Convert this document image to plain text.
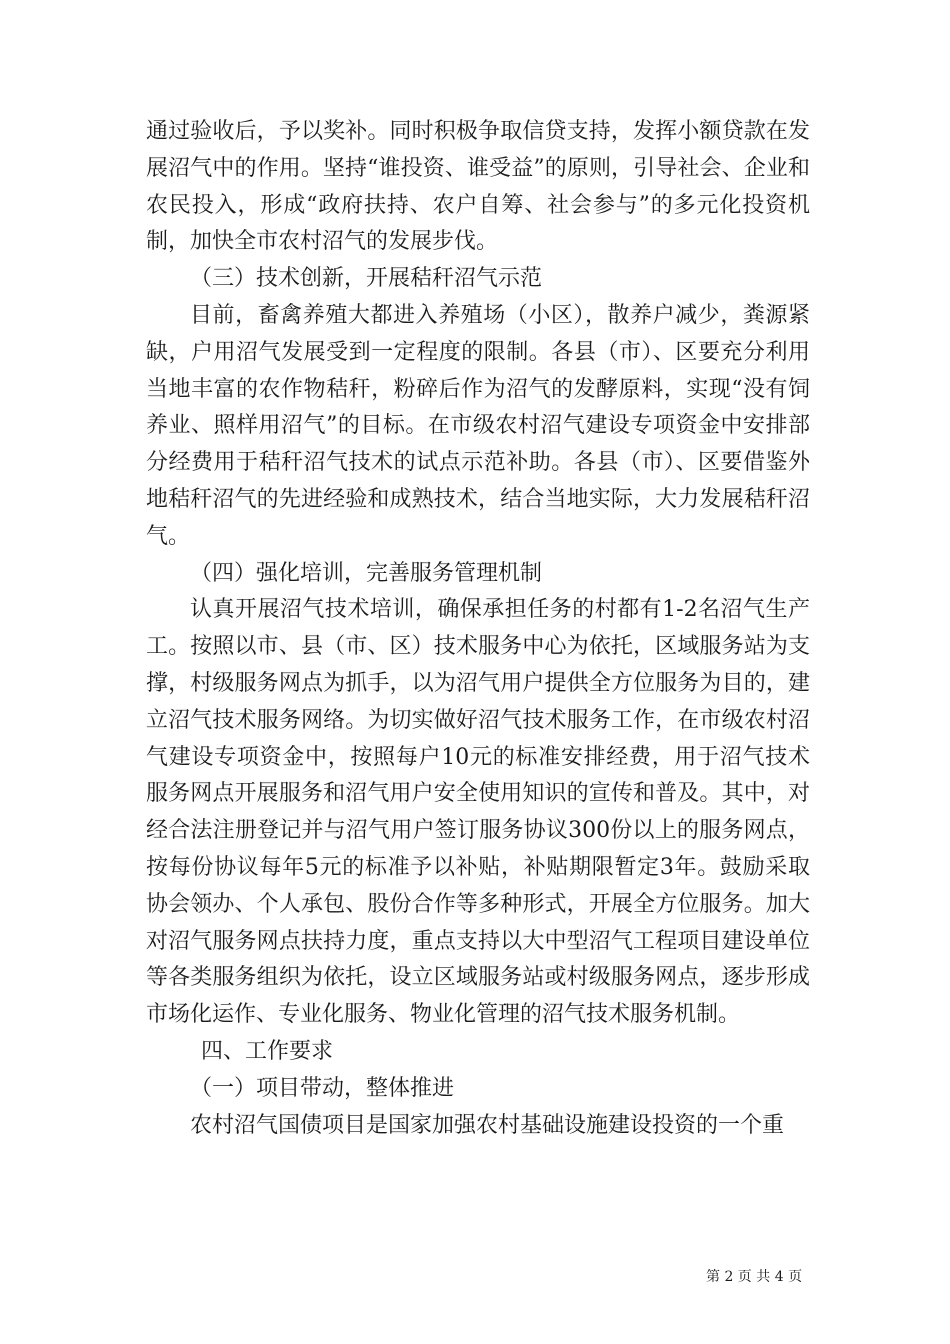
通过验收后，予以奖补。同时积极争取信贷支持，发挥小额贷款在发展沼气中的作用。坚持“谁投资、谁受益”的原则，引导社会、企业和农民投入，形成“政府扶持、农户自筹、社会参与”的多元化投资机制，加快全市农村沼气的发展步伐。

（三）技术创新，开展秸秆沼气示范

目前，畜禽养殖大都进入养殖场（小区），散养户减少，粪源紧缺，户用沼气发展受到一定程度的限制。各县（市）、区要充分利用当地丰富的农作物秸秆，粉碎后作为沼气的发酵原料，实现“没有饲养业、照样用沼气”的目标。在市级农村沼气建设专项资金中安排部分经费用于秸秆沼气技术的试点示范补助。各县（市）、区要借鉴外地秸秆沼气的先进经验和成熟技术，结合当地实际，大力发展秸秆沼气。

（四）强化培训，完善服务管理机制

认真开展沼气技术培训，确保承担任务的村都有1-2名沼气生产工。按照以市、县（市、区）技术服务中心为依托，区域服务站为支撑，村级服务网点为抓手，以为沼气用户提供全方位服务为目的，建立沼气技术服务网络。为切实做好沼气技术服务工作，在市级农村沼气建设专项资金中，按照每户10元的标准安排经费，用于沼气技术服务网点开展服务和沼气用户安全使用知识的宣传和普及。其中，对经合法注册登记并与沼气用户签订服务协议300份以上的服务网点，按每份协议每年5元的标准予以补贴，补贴期限暂定3年。鼓励采取协会领办、个人承包、股份合作等多种形式，开展全方位服务。加大对沼气服务网点扶持力度，重点支持以大中型沼气工程项目建设单位等各类服务组织为依托，设立区域服务站或村级服务网点，逐步形成市场化运作、专业化服务、物业化管理的沼气技术服务机制。

四、工作要求

（一）项目带动，整体推进

农村沼气国债项目是国家加强农村基础设施建设投资的一个重

第 2 页 共 4 页
